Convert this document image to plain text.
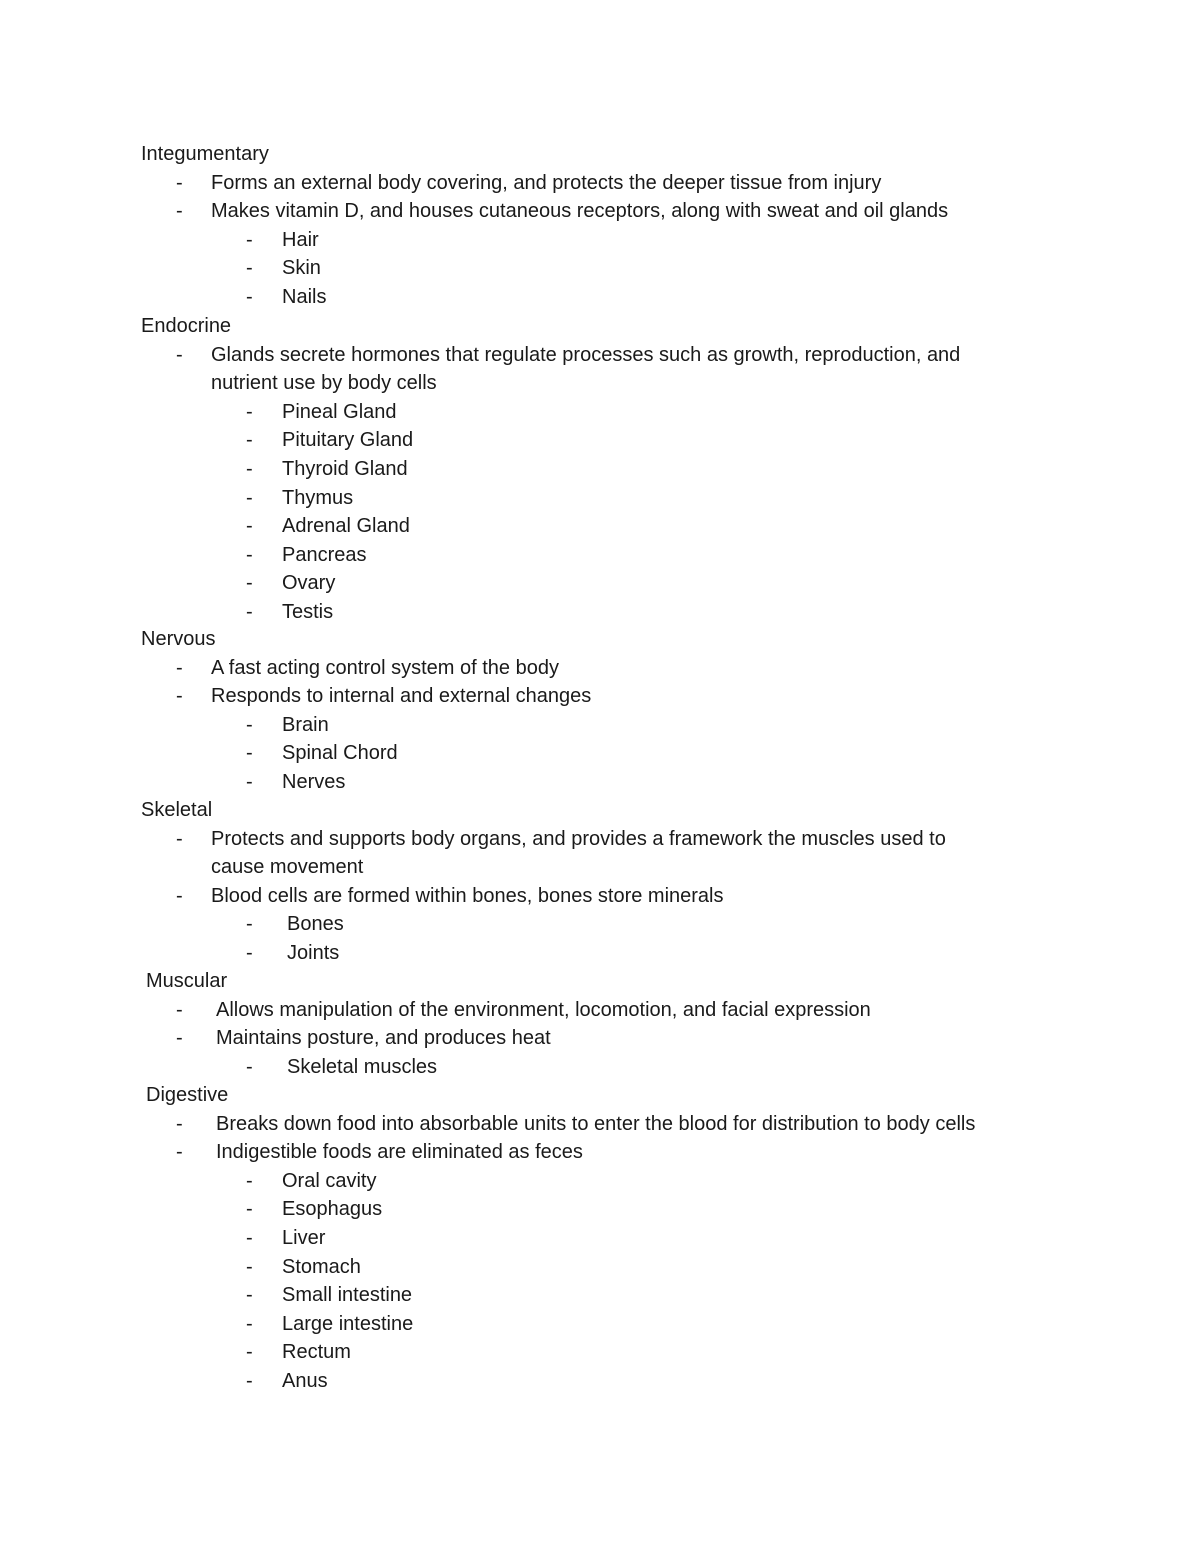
Integumentary
- Forms an external body covering, and protects the deeper tissue from injury
- Makes vitamin D, and houses cutaneous receptors, along with sweat and oil glands
- Hair
- Skin
- Nails
Endocrine
- Glands secrete hormones that regulate processes such as growth, reproduction, and
nutrient use by body cells
- Pineal Gland
- Pituitary Gland
- Thyroid Gland
- Thymus
- Adrenal Gland
- Pancreas
- Ovary
- Testis
Nervous
- A fast acting control system of the body
- Responds to internal and external changes
- Brain
- Spinal Chord
- Nerves
Skeletal
- Protects and supports body organs, and provides a framework the muscles used to
cause movement
- Blood cells are formed within bones, bones store minerals
- Bones
- Joints
Muscular
- Allows manipulation of the environment, locomotion, and facial expression
- Maintains posture, and produces heat
- Skeletal muscles
Digestive
- Breaks down food into absorbable units to enter the blood for distribution to body cells
- Indigestible foods are eliminated as feces
- Oral cavity
- Esophagus
- Liver
- Stomach
- Small intestine
- Large intestine
- Rectum
- Anus
